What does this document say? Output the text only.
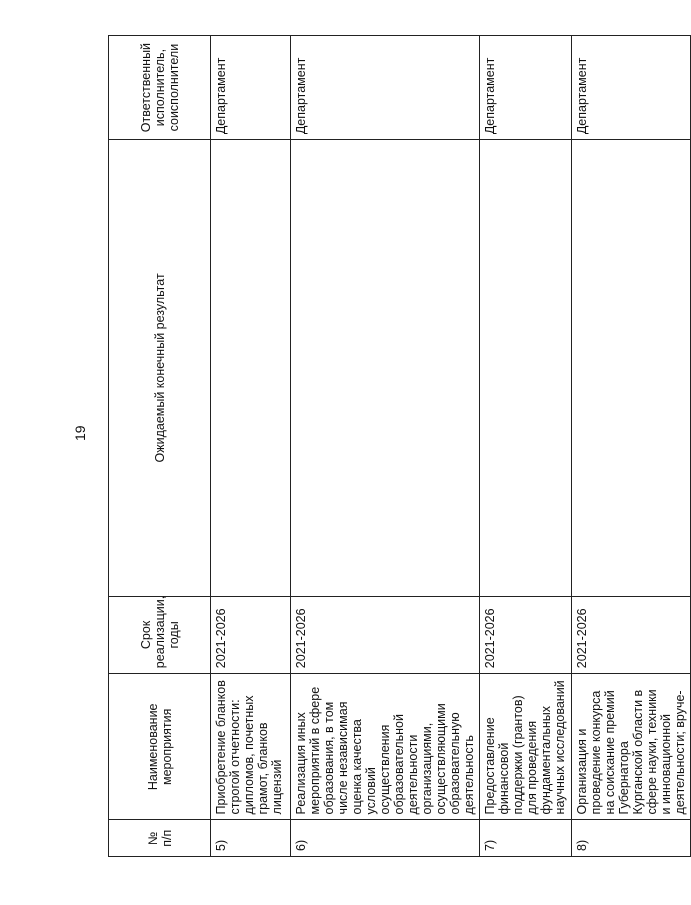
19
№ п/п	Наименование мероприятия	Срок реализации, годы	Ожидаемый конечный результат	Ответственный исполнитель, соисполнители
5)	Приобретение бланков строгой отчетности: дипломов, почетных грамот, бланков лицензий	2021-2026		Департамент
6)	Реализация иных мероприятий в сфере образования, в том числе независимая оценка качества условий осуществления образовательной деятельности организациями, осуществляющими образовательную деятельность	2021-2026		Департамент
7)	Предоставление финансовой поддержки (грантов) для проведения фундаментальных научных исследований	2021-2026		Департамент
8)	Организация и проведение конкурса на соискание премий Губернатора Курганской области в сфере науки, техники и инновационной деятельности; вруче-	2021-2026		Департамент
